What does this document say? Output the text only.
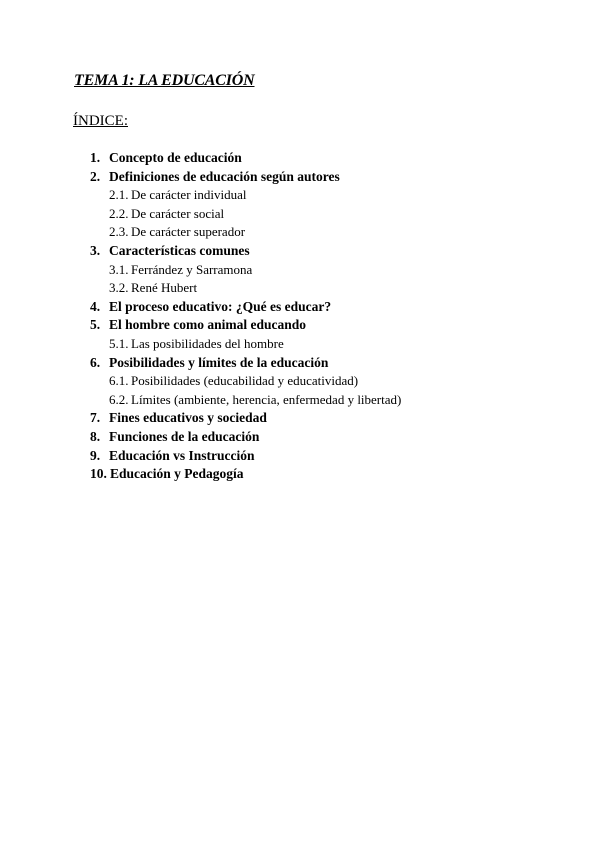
TEMA 1: LA EDUCACIÓN
ÍNDICE:
1. Concepto de educación
2. Definiciones de educación según autores
2.1. De carácter individual
2.2. De carácter social
2.3. De carácter superador
3. Características comunes
3.1. Ferrández y Sarramona
3.2. René Hubert
4. El proceso educativo: ¿Qué es educar?
5. El hombre como animal educando
5.1. Las posibilidades del hombre
6. Posibilidades y límites de la educación
6.1. Posibilidades (educabilidad y educatividad)
6.2. Límites (ambiente, herencia, enfermedad y libertad)
7. Fines educativos y sociedad
8. Funciones de la educación
9. Educación vs Instrucción
10. Educación y Pedagogía
